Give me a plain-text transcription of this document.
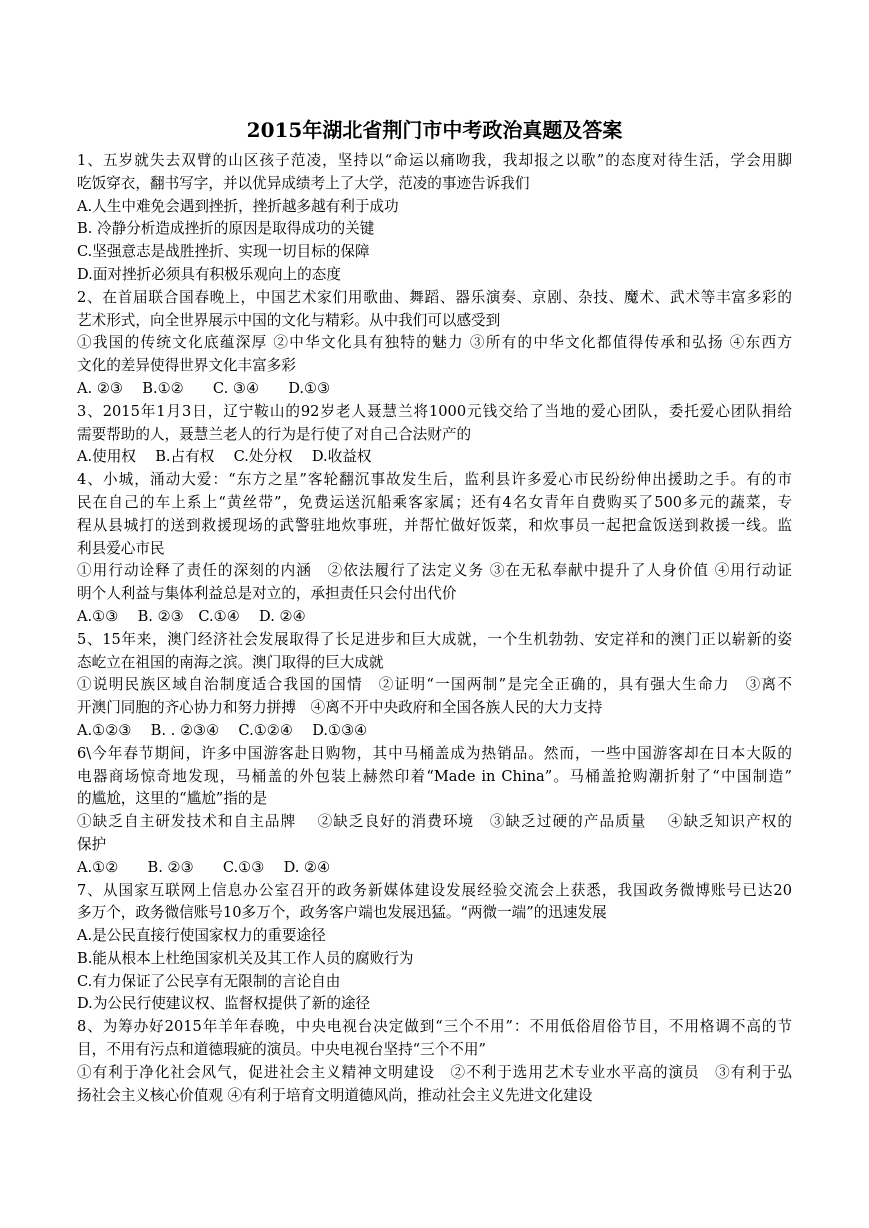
2015年湖北省荆门市中考政治真题及答案
1、五岁就失去双臂的山区孩子范凌，坚持以“命运以痛吻我，我却报之以歌”的态度对待生活，学会用脚
吃饭穿衣，翻书写字，并以优异成绩考上了大学，范凌的事迹告诉我们
A.人生中难免会遇到挫折，挫折越多越有利于成功
B. 冷静分析造成挫折的原因是取得成功的关键
C.坚强意志是战胜挫折、实现一切目标的保障
D.面对挫折必须具有积极乐观向上的态度
2、在首届联合国春晚上，中国艺术家们用歌曲、舞蹈、器乐演奏、京剧、杂技、魔术、武术等丰富多彩的
艺术形式，向全世界展示中国的文化与精彩。从中我们可以感受到
①我国的传统文化底蕴深厚 ②中华文化具有独特的魅力 ③所有的中华文化都值得传承和弘扬 ④东西方
文化的差异使得世界文化丰富多彩
A. ②③　 B.①②　　C. ③④　　D.①③
3、2015年1月3日，辽宁鞍山的92岁老人聂慧兰将1000元钱交给了当地的爱心团队，委托爱心团队捐给
需要帮助的人，聂慧兰老人的行为是行使了对自己合法财产的
A.使用权　 B.占有权　 C.处分权　 D.收益权
4、小城，涌动大爱：“东方之星”客轮翻沉事故发生后，监利县许多爱心市民纷纷伸出援助之手。有的市
民在自己的车上系上“黄丝带”，免费运送沉船乘客家属；还有4名女青年自费购买了500多元的蔬菜，专
程从县城打的送到救援现场的武警驻地炊事班，并帮忙做好饭菜，和炊事员一起把盒饭送到救援一线。监
利县爱心市民
①用行动诠释了责任的深刻的内涵　②依法履行了法定义务 ③在无私奉献中提升了人身价值 ④用行动证
明个人利益与集体利益总是对立的，承担责任只会付出代价
A.①③　 B. ②③　C.①④　 D. ②④
5、15年来，澳门经济社会发展取得了长足进步和巨大成就，一个生机勃勃、安定祥和的澳门正以崭新的姿
态屹立在祖国的南海之滨。澳门取得的巨大成就
①说明民族区域自治制度适合我国的国情　②证明“一国两制”是完全正确的，具有强大生命力　③离不
开澳门同胞的齐心协力和努力拼搏　④离不开中央政府和全国各族人民的大力支持
A.①②③　 B. . ②③④　 C.①②④　 D.①③④
6\今年春节期间，许多中国游客赴日购物，其中马桶盖成为热销品。然而，一些中国游客却在日本大阪的
电器商场惊奇地发现，马桶盖的外包装上赫然印着“Made in China”。马桶盖抢购潮折射了“中国制造”
的尴尬，这里的“尴尬”指的是
①缺乏自主研发技术和自主品牌　 ②缺乏良好的消费环境　③缺乏过硬的产品质量　 ④缺乏知识产权的
保护
A.①②　　B. ②③　　C.①③　 D. ②④
7、从国家互联网上信息办公室召开的政务新媒体建设发展经验交流会上获悉，我国政务微博账号已达20
多万个，政务微信账号10多万个，政务客户端也发展迅猛。“两微一端”的迅速发展
A.是公民直接行使国家权力的重要途径
B.能从根本上杜绝国家机关及其工作人员的腐败行为
C.有力保证了公民享有无限制的言论自由
D.为公民行使建议权、监督权提供了新的途径
8、为筹办好2015年羊年春晚，中央电视台决定做到“三个不用”：不用低俗眉俗节目，不用格调不高的节
目，不用有污点和道德瑕疵的演员。中央电视台坚持“三个不用”
①有利于净化社会风气，促进社会主义精神文明建设　②不利于选用艺术专业水平高的演员　③有利于弘
扬社会主义核心价值观 ④有利于培育文明道德风尚，推动社会主义先进文化建设
